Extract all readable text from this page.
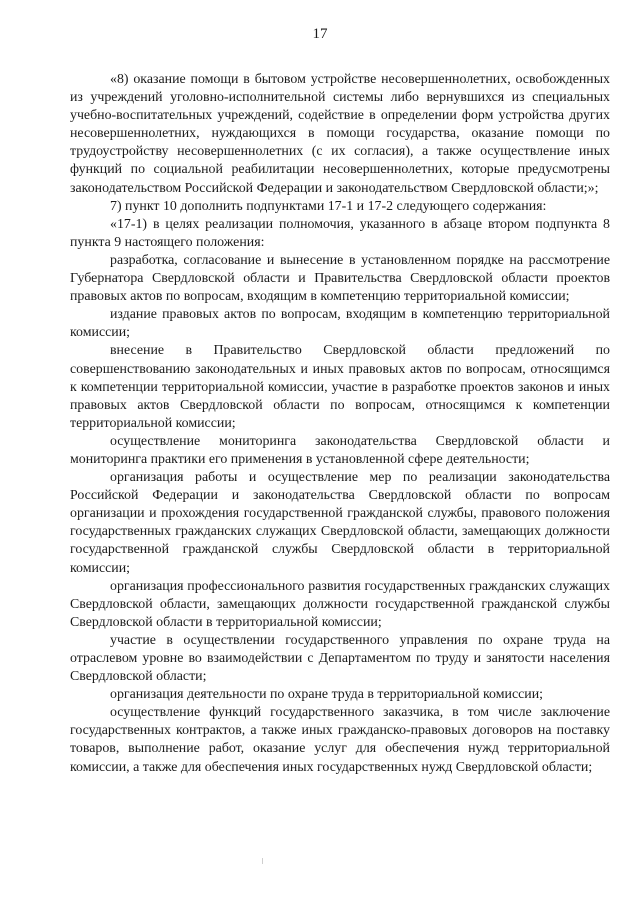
17

«8) оказание помощи в бытовом устройстве несовершеннолетних, освобожденных из учреждений уголовно-исполнительной системы либо вернувшихся из специальных учебно-воспитательных учреждений, содействие в определении форм устройства других несовершеннолетних, нуждающихся в помощи государства, оказание помощи по трудоустройству несовершеннолетних (с их согласия), а также осуществление иных функций по социальной реабилитации несовершеннолетних, которые предусмотрены законодательством Российской Федерации и законодательством Свердловской области;»;

7) пункт 10 дополнить подпунктами 17-1 и 17-2 следующего содержания:

«17-1) в целях реализации полномочия, указанного в абзаце втором подпункта 8 пункта 9 настоящего положения:

разработка, согласование и вынесение в установленном порядке на рассмотрение Губернатора Свердловской области и Правительства Свердловской области проектов правовых актов по вопросам, входящим в компетенцию территориальной комиссии;

издание правовых актов по вопросам, входящим в компетенцию территориальной комиссии;

внесение в Правительство Свердловской области предложений по совершенствованию законодательных и иных правовых актов по вопросам, относящимся к компетенции территориальной комиссии, участие в разработке проектов законов и иных правовых актов Свердловской области по вопросам, относящимся к компетенции территориальной комиссии;

осуществление мониторинга законодательства Свердловской области и мониторинга практики его применения в установленной сфере деятельности;

организация работы и осуществление мер по реализации законодательства Российской Федерации и законодательства Свердловской области по вопросам организации и прохождения государственной гражданской службы, правового положения государственных гражданских служащих Свердловской области, замещающих должности государственной гражданской службы Свердловской области в территориальной комиссии;

организация профессионального развития государственных гражданских служащих Свердловской области, замещающих должности государственной гражданской службы Свердловской области в территориальной комиссии;

участие в осуществлении государственного управления по охране труда на отраслевом уровне во взаимодействии с Департаментом по труду и занятости населения Свердловской области;

организация деятельности по охране труда в территориальной комиссии;

осуществление функций государственного заказчика, в том числе заключение государственных контрактов, а также иных гражданско-правовых договоров на поставку товаров, выполнение работ, оказание услуг для обеспечения нужд территориальной комиссии, а также для обеспечения иных государственных нужд Свердловской области;
